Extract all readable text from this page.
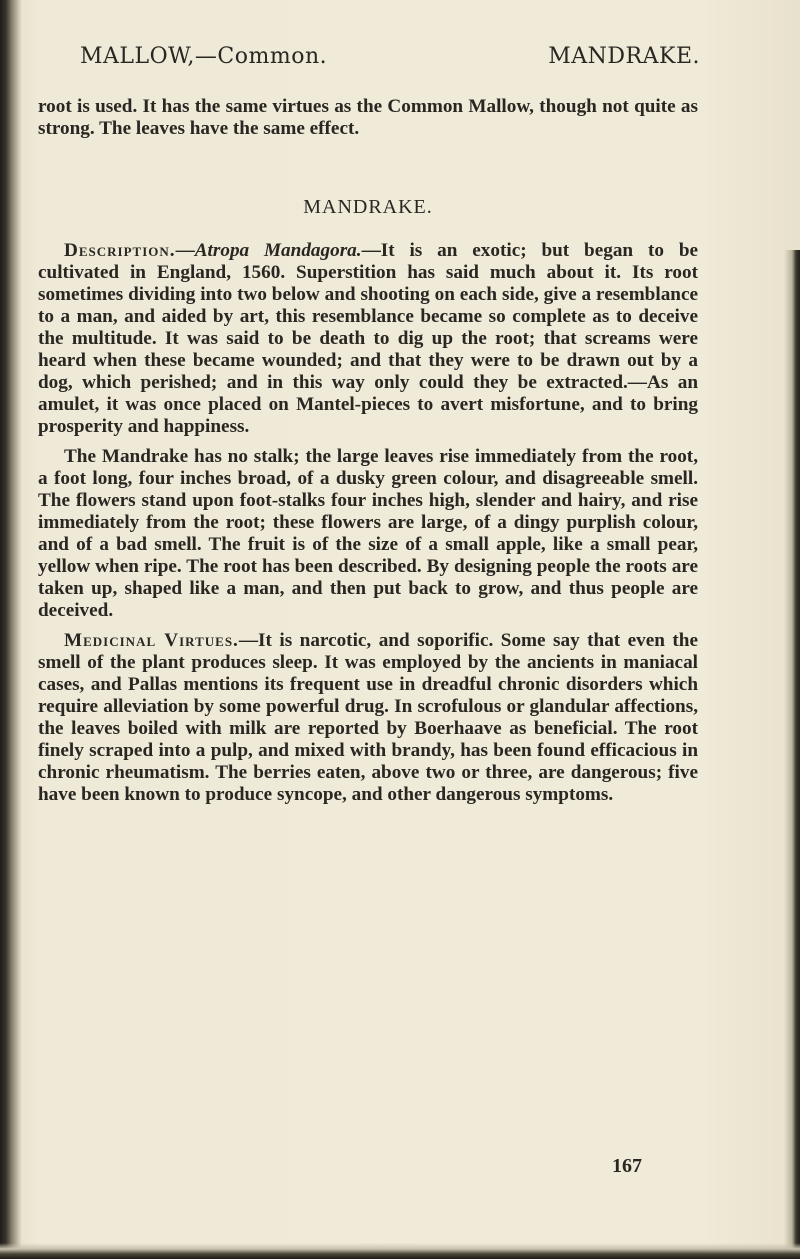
MALLOW,—Common.	MANDRAKE.

root is used. It has the same virtues as the Common Mallow, though not quite as strong. The leaves have the same effect.

MANDRAKE.

Description.—Atropa Mandagora.—It is an exotic; but began to be cultivated in England, 1560. Superstition has said much about it. Its root sometimes dividing into two below and shooting on each side, give a resemblance to a man, and aided by art, this resemblance became so complete as to deceive the multitude. It was said to be death to dig up the root; that screams were heard when these became wounded; and that they were to be drawn out by a dog, which perished; and in this way only could they be extracted.—As an amulet, it was once placed on Mantel-pieces to avert misfortune, and to bring prosperity and happiness.

The Mandrake has no stalk; the large leaves rise immediately from the root, a foot long, four inches broad, of a dusky green colour, and disagreeable smell. The flowers stand upon foot-stalks four inches high, slender and hairy, and rise immediately from the root; these flowers are large, of a dingy purplish colour, and of a bad smell. The fruit is of the size of a small apple, like a small pear, yellow when ripe. The root has been described. By designing people the roots are taken up, shaped like a man, and then put back to grow, and thus people are deceived.

Medicinal Virtues.—It is narcotic, and soporific. Some say that even the smell of the plant produces sleep. It was employed by the ancients in maniacal cases, and Pallas mentions its frequent use in dreadful chronic disorders which require alleviation by some powerful drug. In scrofulous or glandular affections, the leaves boiled with milk are reported by Boerhaave as beneficial. The root finely scraped into a pulp, and mixed with brandy, has been found efficacious in chronic rheumatism. The berries eaten, above two or three, are dangerous; five have been known to produce syncope, and other dangerous symptoms.

167
